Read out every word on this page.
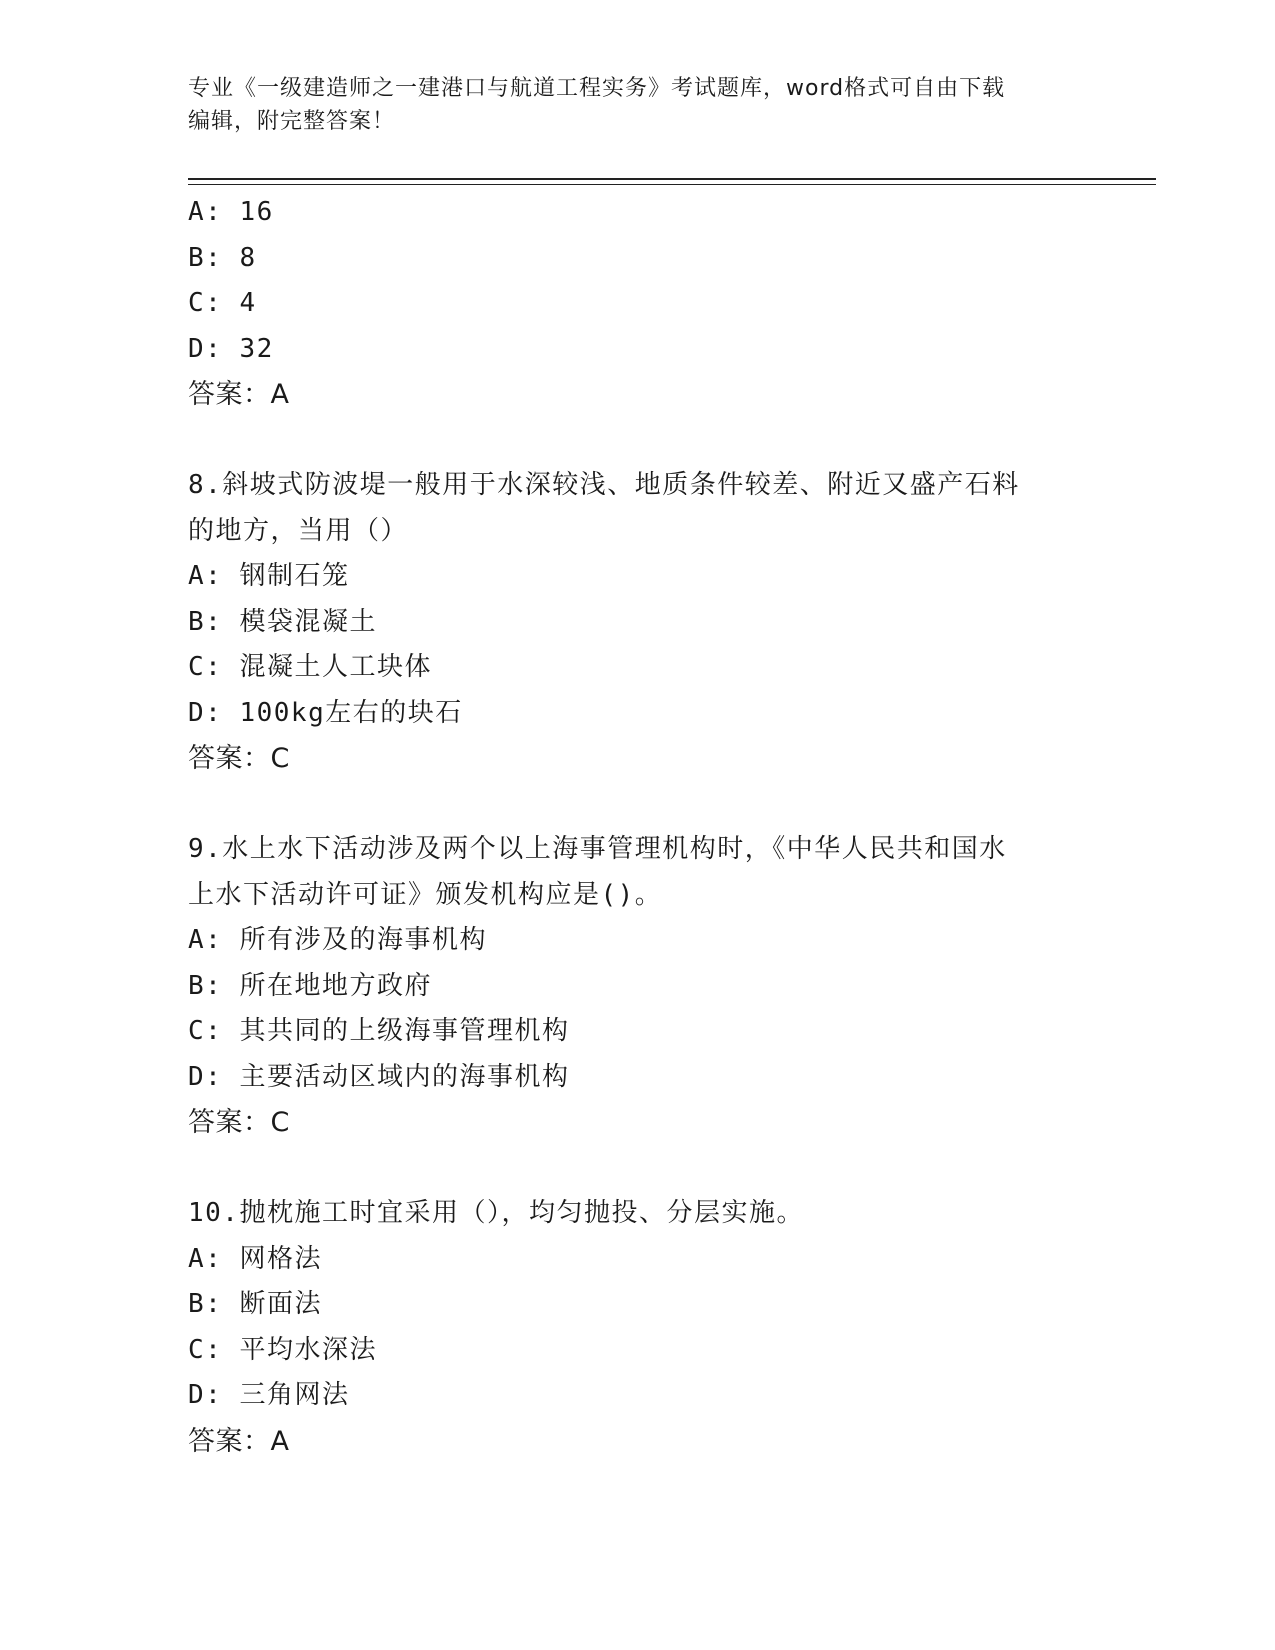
专业《一级建造师之一建港口与航道工程实务》考试题库，word格式可自由下载
编辑，附完整答案！
A: 16
B: 8
C: 4
D: 32
答案：A
8.斜坡式防波堤一般用于水深较浅、地质条件较差、附近又盛产石料
的地方，当用（）
A: 钢制石笼
B: 模袋混凝土
C: 混凝土人工块体
D: 100kg左右的块石
答案：C
9.水上水下活动涉及两个以上海事管理机构时，《中华人民共和国水
上水下活动许可证》颁发机构应是()。
A: 所有涉及的海事机构
B: 所在地地方政府
C: 其共同的上级海事管理机构
D: 主要活动区域内的海事机构
答案：C
10.抛枕施工时宜采用（），均匀抛投、分层实施。
A: 网格法
B: 断面法
C: 平均水深法
D: 三角网法
答案：A
